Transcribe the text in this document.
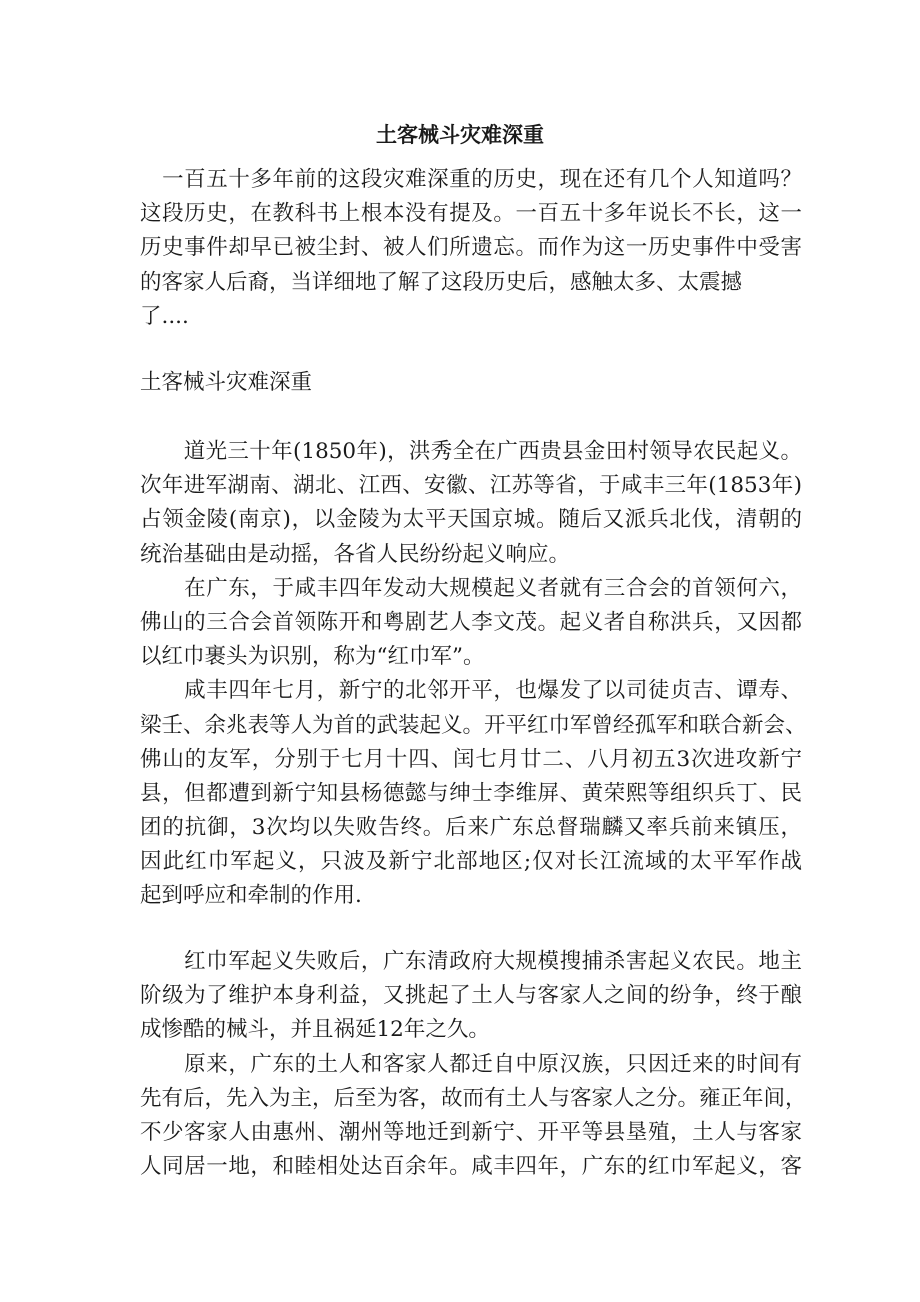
土客械斗灾难深重
　一百五十多年前的这段灾难深重的历史，现在还有几个人知道吗？
这段历史，在教科书上根本没有提及。一百五十多年说长不长，这一
历史事件却早已被尘封、被人们所遗忘。而作为这一历史事件中受害
的客家人后裔，当详细地了解了这段历史后，感触太多、太震撼
了....
土客械斗灾难深重
　　道光三十年(1850年)，洪秀全在广西贵县金田村领导农民起义。
次年进军湖南、湖北、江西、安徽、江苏等省，于咸丰三年(1853年)
占领金陵(南京)，以金陵为太平天国京城。随后又派兵北伐，清朝的
统治基础由是动摇，各省人民纷纷起义响应。
　　在广东，于咸丰四年发动大规模起义者就有三合会的首领何六，
佛山的三合会首领陈开和粤剧艺人李文茂。起义者自称洪兵，又因都
以红巾裹头为识别，称为“红巾军”。
　　咸丰四年七月，新宁的北邻开平，也爆发了以司徒贞吉、谭寿、
梁壬、余兆表等人为首的武装起义。开平红巾军曾经孤军和联合新会、
佛山的友军，分别于七月十四、闰七月廿二、八月初五3次进攻新宁
县，但都遭到新宁知县杨德懿与绅士李维屏、黄荣熙等组织兵丁、民
团的抗御，3次均以失败告终。后来广东总督瑞麟又率兵前来镇压，
因此红巾军起义，只波及新宁北部地区;仅对长江流域的太平军作战
起到呼应和牵制的作用.
　　红巾军起义失败后，广东清政府大规模搜捕杀害起义农民。地主
阶级为了维护本身利益，又挑起了土人与客家人之间的纷争，终于酿
成惨酷的械斗，并且祸延12年之久。
　　原来，广东的土人和客家人都迁自中原汉族，只因迁来的时间有
先有后，先入为主，后至为客，故而有土人与客家人之分。雍正年间，
不少客家人由惠州、潮州等地迁到新宁、开平等县垦殖，土人与客家
人同居一地，和睦相处达百余年。咸丰四年，广东的红巾军起义，客
